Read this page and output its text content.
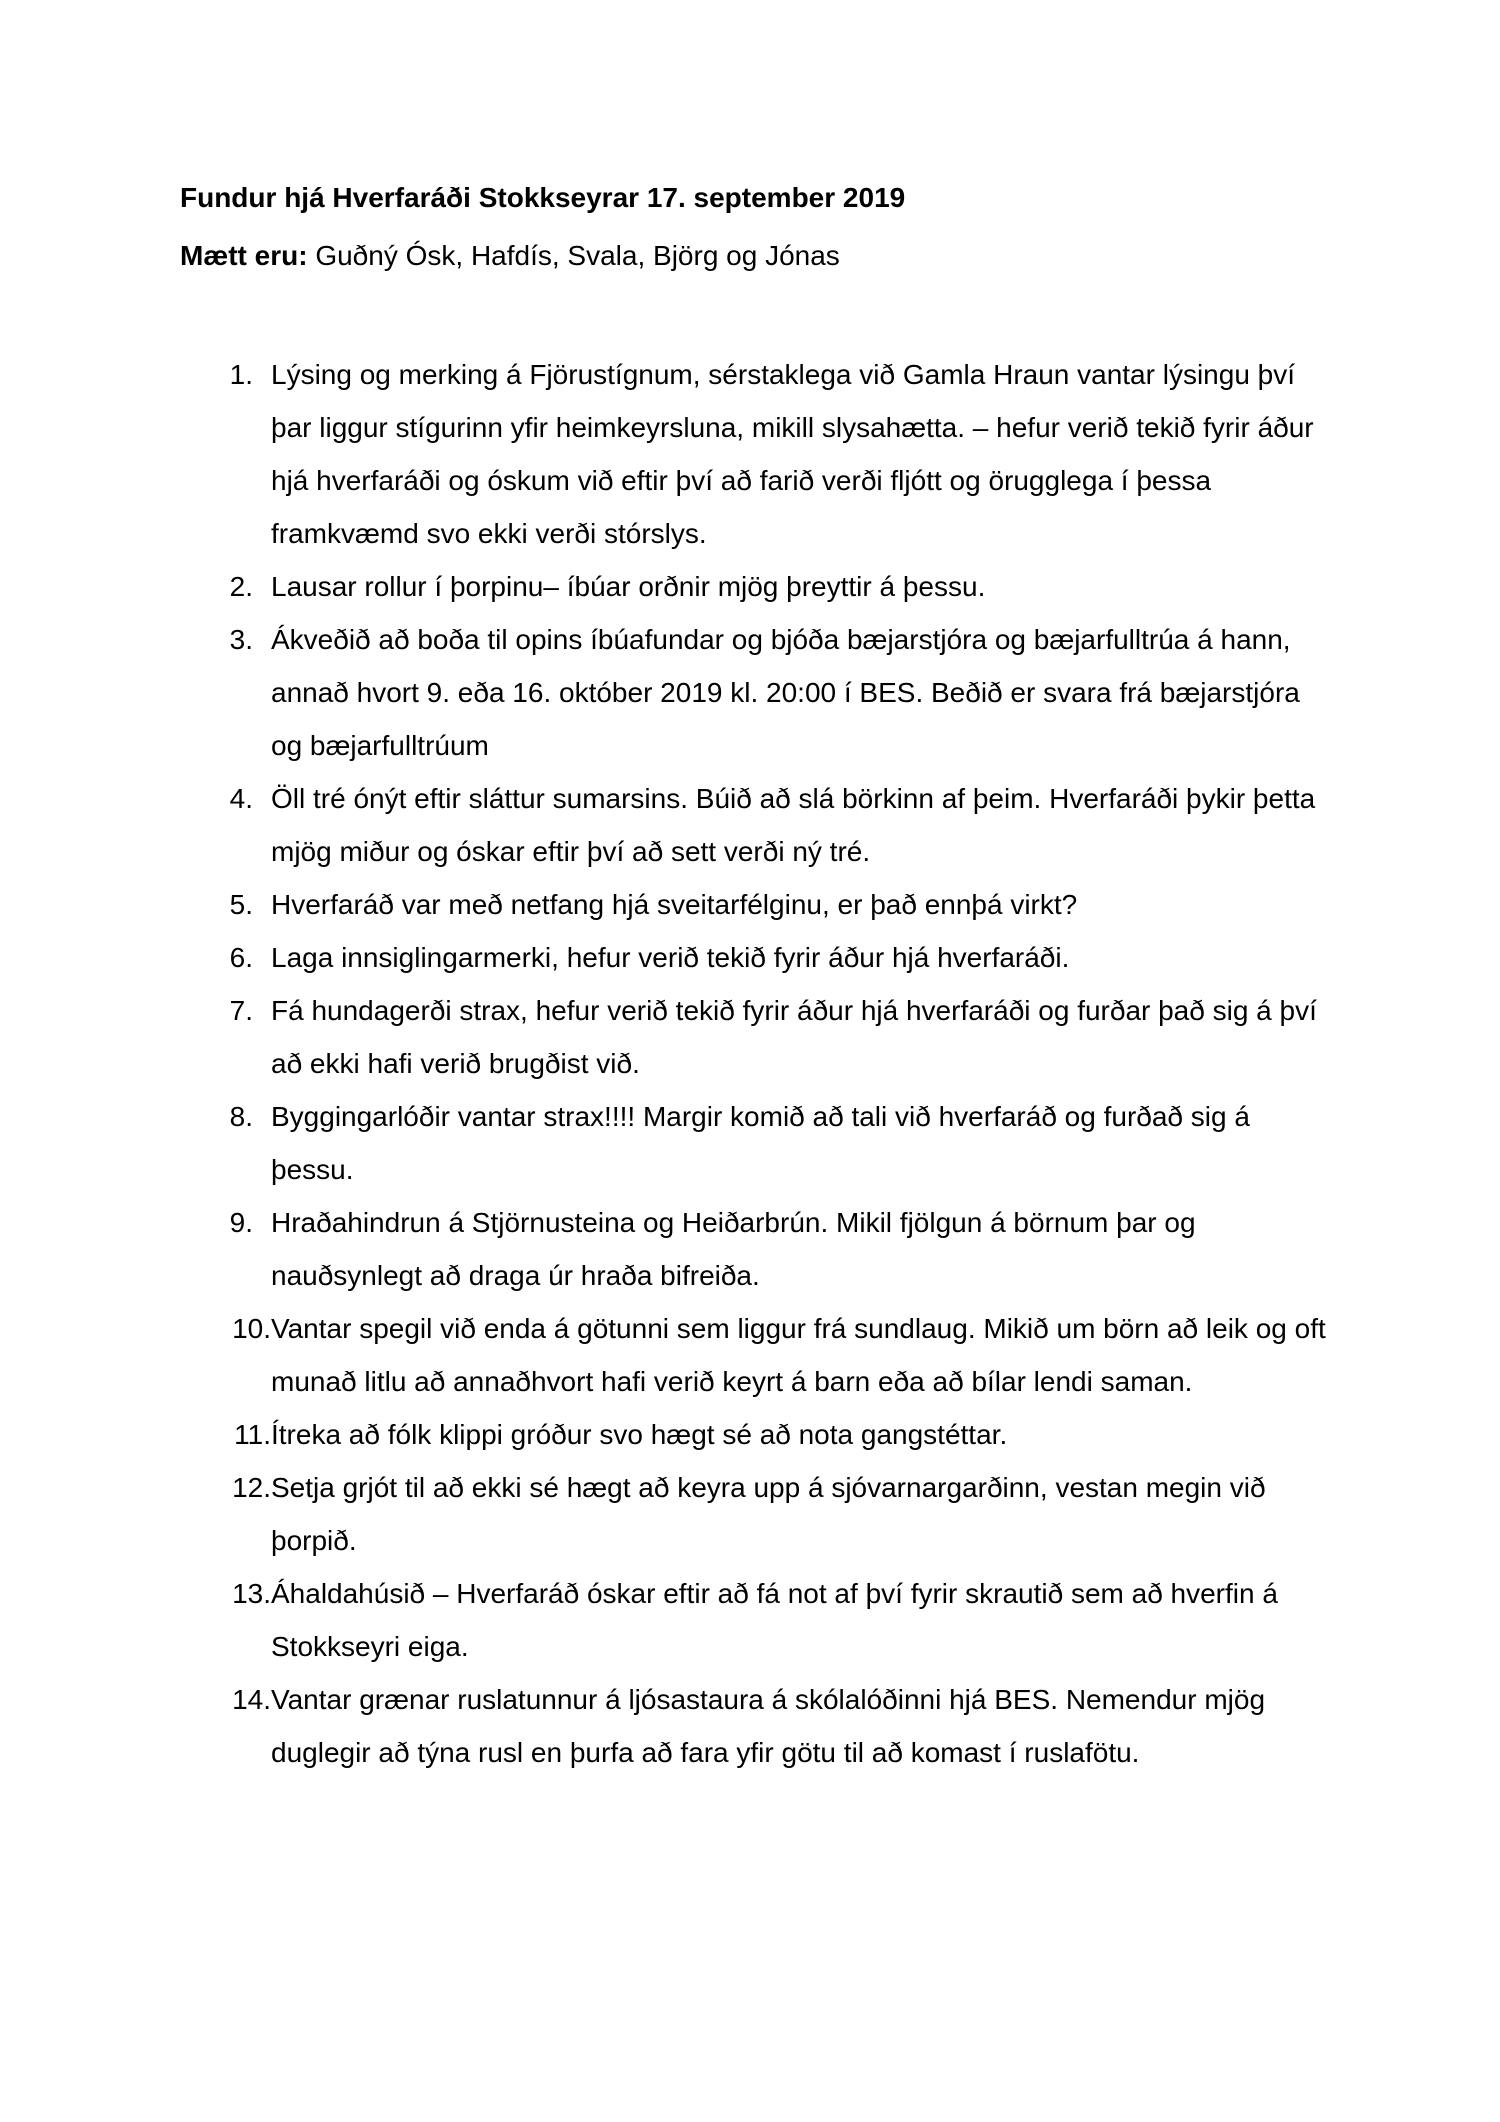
Fundur hjá Hverfaráði Stokkseyrar 17. september 2019
Mætt eru: Guðný Ósk, Hafdís, Svala, Björg og Jónas
1. Lýsing og merking á Fjörustígnum, sérstaklega við Gamla Hraun vantar lýsingu því þar liggur stígurinn yfir heimkeyrsluna, mikill slysahætta. – hefur verið tekið fyrir áður hjá hverfaráði og óskum við eftir því að farið verði fljótt og örugglega í þessa framkvæmd svo ekki verði stórslys.
2. Lausar rollur í þorpinu– íbúar orðnir mjög þreyttir á þessu.
3. Ákveðið að boða til opins íbúafundar og bjóða bæjarstjóra og bæjarfulltrúa á hann, annað hvort 9. eða 16. október 2019 kl. 20:00 í BES. Beðið er svara frá bæjarstjóra og bæjarfulltrúum
4. Öll tré ónýt eftir sláttur sumarsins. Búið að slá börkinn af þeim. Hverfaráði þykir þetta mjög miður og óskar eftir því að sett verði ný tré.
5. Hverfaráð var með netfang hjá sveitarfélginu, er það ennþá virkt?
6. Laga innsiglingarmerki, hefur verið tekið fyrir áður hjá hverfaráði.
7. Fá hundagerði strax, hefur verið tekið fyrir áður hjá hverfaráði og furðar það sig á því að ekki hafi verið brugðist við.
8. Byggingarlóðir vantar strax!!!! Margir komið að tali við hverfaráð og furðað sig á þessu.
9. Hraðahindrun á Stjörnusteina og Heiðarbrún. Mikil fjölgun á börnum þar og nauðsynlegt að draga úr hraða bifreiða.
10. Vantar spegil við enda á götunni sem liggur frá sundlaug. Mikið um börn að leik og oft munað litlu að annaðhvort hafi verið keyrt á barn eða að bílar lendi saman.
11. Ítreka að fólk klippi gróður svo hægt sé að nota gangstéttar.
12. Setja grjót til að ekki sé hægt að keyra upp á sjóvarnargarðinn, vestan megin við þorpið.
13. Áhaldahúsið – Hverfaráð óskar eftir að fá not af því fyrir skrautið sem að hverfin á Stokkseyri eiga.
14. Vantar grænar ruslatunnur á ljósastaura á skólalóðinni hjá BES. Nemendur mjög duglegir að týna rusl en þurfa að fara yfir götu til að komast í ruslafötu.
